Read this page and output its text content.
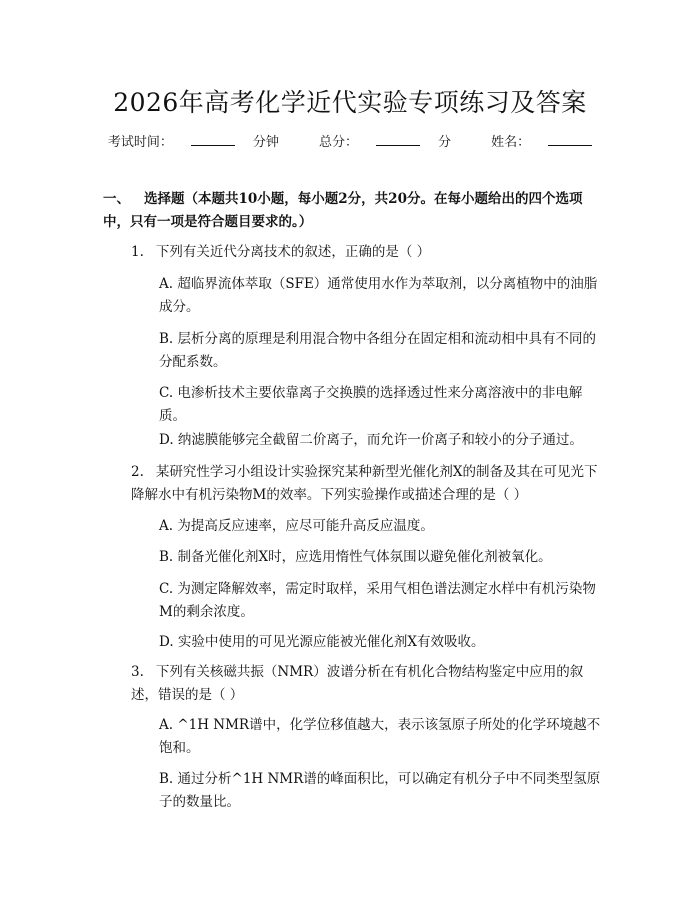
2026年高考化学近代实验专项练习及答案
考试时间：	分钟	总分：	分	姓名：
一、 选择题（本题共10小题，每小题2分，共20分。在每小题给出的四个选项中，只有一项是符合题目要求的。）
1. 下列有关近代分离技术的叙述，正确的是（ ）
A. 超临界流体萃取（SFE）通常使用水作为萃取剂，以分离植物中的油脂成分。
B. 层析分离的原理是利用混合物中各组分在固定相和流动相中具有不同的分配系数。
C. 电渗析技术主要依靠离子交换膜的选择透过性来分离溶液中的非电解质。
D. 纳滤膜能够完全截留二价离子，而允许一价离子和较小的分子通过。
2. 某研究性学习小组设计实验探究某种新型光催化剂X的制备及其在可见光下降解水中有机污染物M的效率。下列实验操作或描述合理的是（ ）
A. 为提高反应速率，应尽可能升高反应温度。
B. 制备光催化剂X时，应选用惰性气体氛围以避免催化剂被氧化。
C. 为测定降解效率，需定时取样，采用气相色谱法测定水样中有机污染物M的剩余浓度。
D. 实验中使用的可见光源应能被光催化剂X有效吸收。
3. 下列有关核磁共振（NMR）波谱分析在有机化合物结构鉴定中应用的叙述，错误的是（ ）
A. ^1H NMR谱中，化学位移值越大，表示该氢原子所处的化学环境越不饱和。
B. 通过分析^1H NMR谱的峰面积比，可以确定有机分子中不同类型氢原子的数量比。
